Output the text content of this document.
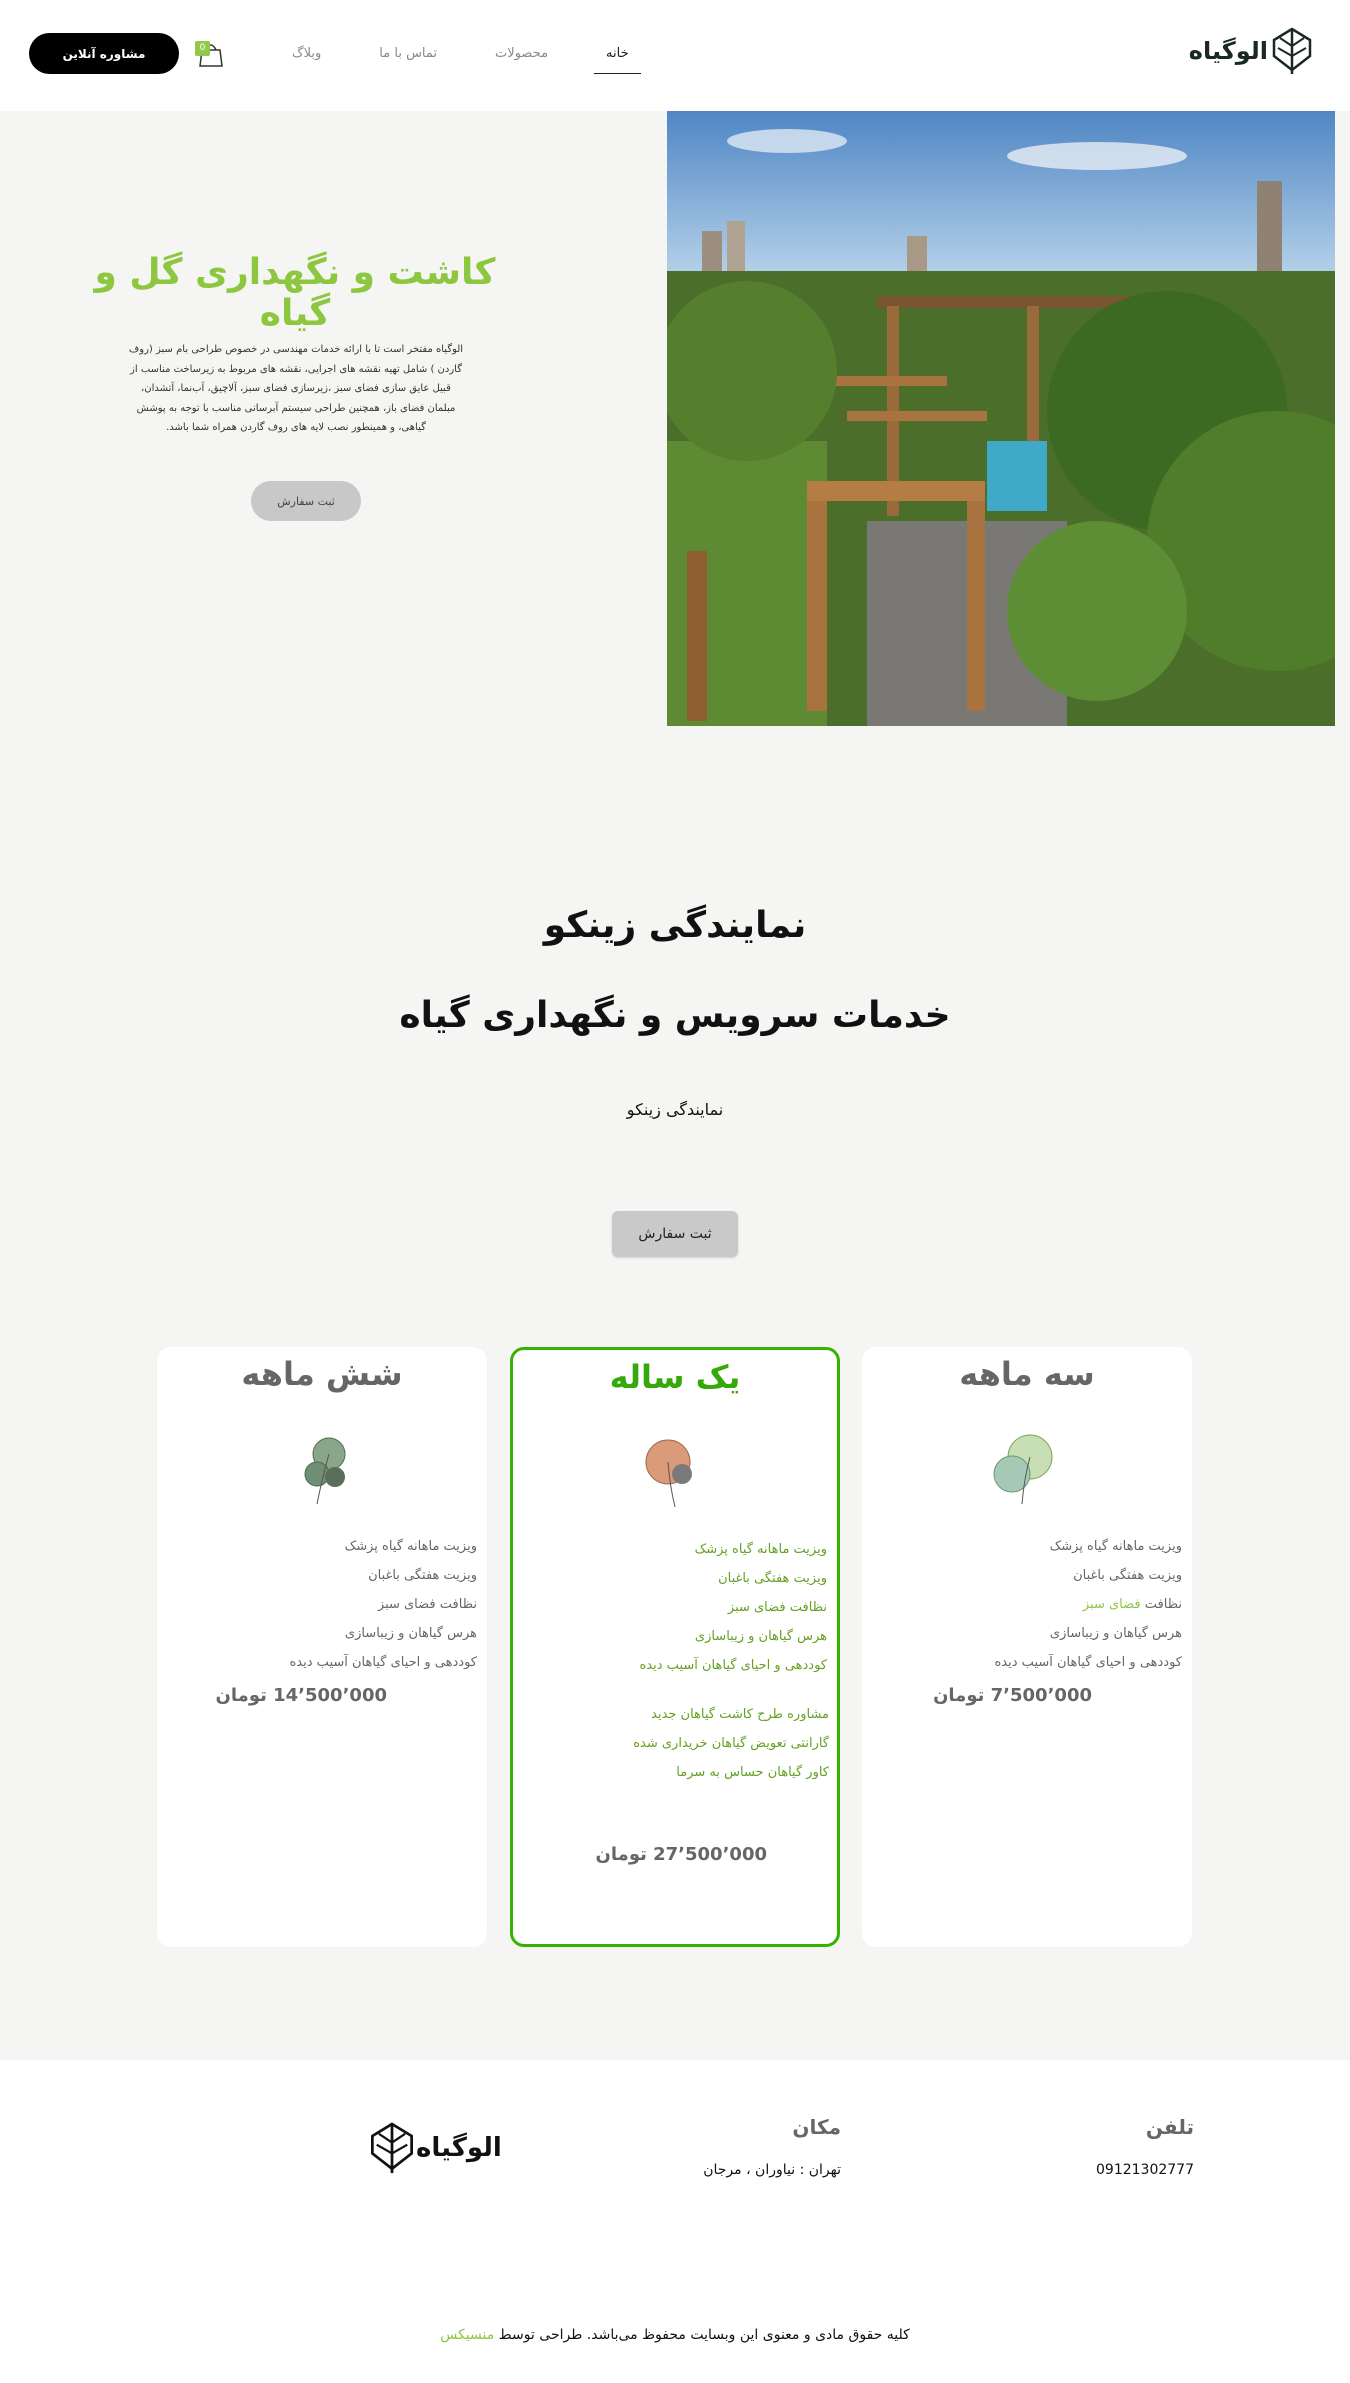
الوگیاه
خانه
محصولات
تماس با ما
وبلاگ
0
مشاوره آنلاین
کاشت و نگهداری گل و گیاه

الوگیاه مفتخر است تا با ارائه خدمات مهندسی در خصوص طراحی بام سبز (روف گاردن ) شامل تهیه نقشه های اجرایی، نقشه های مربوط به زیرساخت مناسب از قبیل عایق سازی فضای سبز ،زیرسازی فضای سبز، آلاچیق، آب‌نما، آتشدان، مبلمان فضای باز، همچنین طراحی سیستم آبرسانی مناسب با توجه به پوشش گیاهی، و همینطور نصب لایه های روف گاردن همراه شما باشد.

ثبت سفارش
نمایندگی زینکو
خدمات سرویس و نگهداری گیاه

نمایندگی زینکو

ثبت سفارش
سه ماهه
ویزیت ماهانه گیاه پزشک
ویزیت هفتگی باغبان
نظافت فضای سبز
هرس گیاهان و زیباسازی
کوددهی و احیای گیاهان آسیب دیده
7٬500٬000 تومان
یک ساله
ویزیت ماهانه گیاه پزشک
ویزیت هفتگی باغبان
نظافت فضای سبز
هرس گیاهان و زیباسازی
کوددهی و احیای گیاهان آسیب دیده
مشاوره طرح کاشت گیاهان جدید
گارانتی تعویض گیاهان خریداری شده
کاور گیاهان حساس به سرما
27٬500٬000 تومان
شش ماهه
ویزیت ماهانه گیاه پزشک
ویزیت هفتگی باغبان
نظافت فضای سبز
هرس گیاهان و زیباسازی
کوددهی و احیای گیاهان آسیب دیده
14٬500٬000 تومان
تلفن
09121302777
مکان
تهران : نیاوران ، مرجان
الوگیاه
کلیه حقوق مادی و معنوی این وبسایت محفوظ می‌باشد. طراحی توسط منسیکس
